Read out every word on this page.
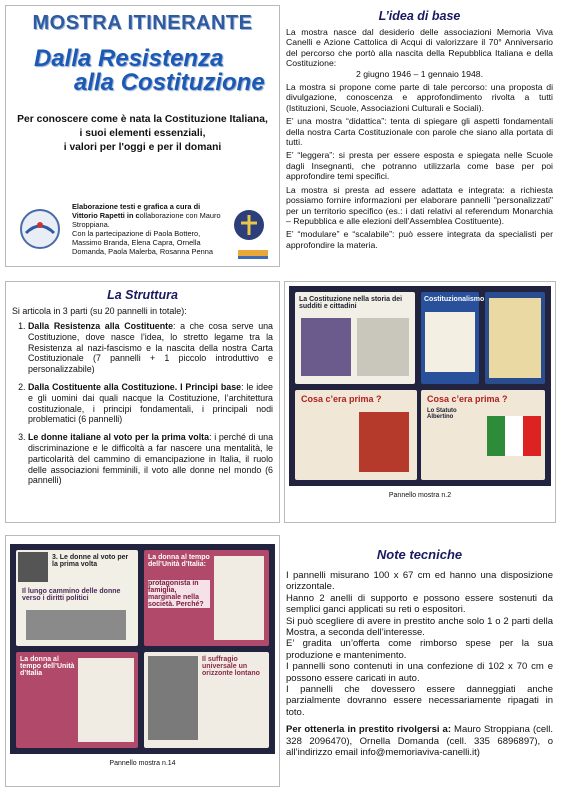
MOSTRA ITINERANTE
Dalla Resistenza
alla Costituzione
Per conoscere come è nata la Costituzione Italiana,
i suoi elementi essenziali,
i valori per l'oggi e per il domani
Elaborazione testi e grafica a cura di Vittorio Rapetti in collaborazione con Mauro Stroppiana.
Con la partecipazione di Paola Bottero, Massimo Branda, Elena Capra, Ornella Domanda, Paola Malerba, Rosanna Penna
L’idea di base

La mostra nasce dal desiderio delle associazioni Memoria Viva Canelli e Azione Cattolica di Acqui di valorizzare il 70° Anniversario del percorso che portò alla nascita della Repubblica Italiana e della Costituzione:
2 giugno 1946 – 1 gennaio 1948.

La mostra si propone come parte di tale percorso: una proposta di divulgazione, conoscenza e approfondimento rivolta a tutti (Istituzioni, Scuole, Associazioni Culturali e Sociali).

E’ una mostra “didattica”: tenta di spiegare gli aspetti fondamentali della nostra Carta Costituzionale con parole che siano alla portata di tutti.

E’ “leggera”: si presta per essere esposta e spiegata nelle Scuole dagli Insegnanti, che potranno utilizzarla come base per poi approfondire temi specifici.

La mostra si presta ad essere adattata e integrata: a richiesta possiamo fornire informazioni per elaborare pannelli "personalizzati" per un territorio specifico (es.: i dati relativi al referendum Monarchia – Repubblica e alle elezioni dell'Assemblea Costituente).

E’ “modulare” e “scalabile”: può essere integrata da specialisti per approfondire la materia.

La Struttura
Si articola in 3 parti (su 20 pannelli in totale):
1. Dalla Resistenza alla Costituente: a che cosa serve una Costituzione, dove nasce l’idea, lo stretto legame tra la Resistenza al nazi-fascismo e la nascita della nostra Carta Costituzionale (7 pannelli + 1 piccolo introduttivo e personalizzabile)
2. Dalla Costituente alla Costituzione. I Principi base: le idee e gli uomini dai quali nacque la Costituzione, l’architettura costituzionale, i principi fondamentali, i principali nodi problematici (6 pannelli)
3. Le donne italiane al voto per la prima volta: i perché di una discriminazione e le difficoltà a far nascere una mentalità, le particolarità del cammino di emancipazione in Italia, il ruolo delle associazioni femminili, il voto alle donne nel mondo (6 pannelli)
La Costituzione nella storia dei sudditi e cittadini
Costituzionalismo
Cosa c’era prima ?	Cosa c’era prima ?
Lo Statuto Albertino
Pannello mostra n.2
3. Le donne al voto per la prima volta
Il lungo cammino delle donne verso i diritti politici
La donna al tempo dell’Unità d’Italia:
protagonista in famiglia, marginale nella società. Perché?
La donna al tempo dell’Unità d’Italia
Il suffragio universale un orizzonte lontano
Pannello mostra n.14
Note tecniche
I pannelli misurano 100 x 67 cm ed hanno una disposizione orizzontale.
Hanno 2 anelli di supporto e possono essere sostenuti da semplici ganci applicati su reti o espositori.
Si può scegliere di avere in prestito anche solo 1 o 2 parti della Mostra, a seconda dell’interesse.
E’ gradita un’offerta come rimborso spese per la sua produzione e mantenimento.
I pannelli sono contenuti in una confezione di 102 x 70 cm e possono essere caricati in auto.
I pannelli che dovessero essere danneggiati anche parzialmente dovranno essere necessariamente ripagati in toto.
Per ottenerla in prestito rivolgersi a: Mauro Stroppiana (cell. 328 2096470), Ornella Domanda (cell. 335 6896897), o all’indirizzo email info@memoriaviva-canelli.it)
